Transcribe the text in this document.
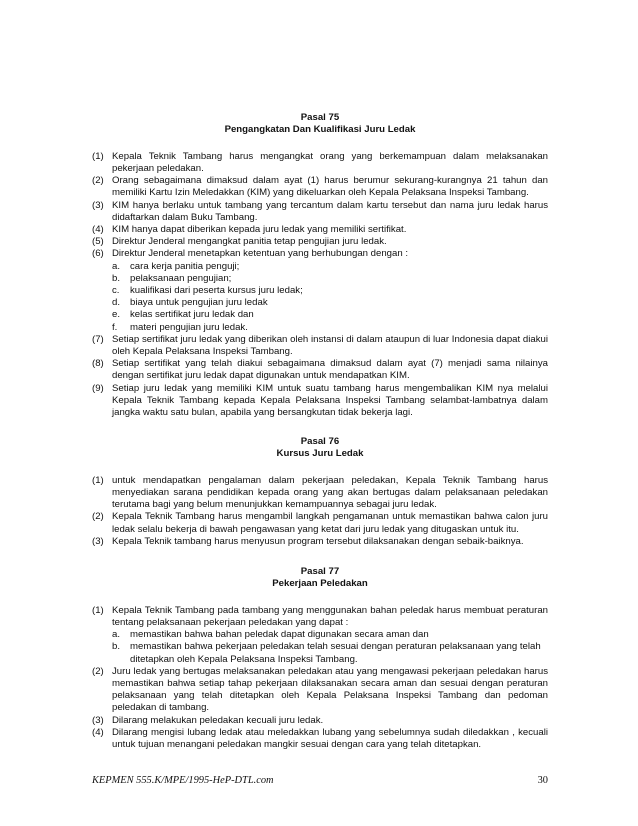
Pasal 75
Pengangkatan Dan Kualifikasi Juru Ledak
(1) Kepala Teknik Tambang harus mengangkat orang yang berkemampuan dalam melaksanakan pekerjaan peledakan.
(2) Orang sebagaimana dimaksud dalam ayat (1) harus berumur sekurang-kurangnya 21 tahun dan memiliki Kartu Izin Meledakkan (KIM) yang dikeluarkan oleh Kepala Pelaksana Inspeksi Tambang.
(3) KIM hanya berlaku untuk tambang yang tercantum dalam kartu tersebut dan nama juru ledak harus didaftarkan dalam Buku Tambang.
(4) KIM hanya dapat diberikan kepada juru ledak yang memiliki sertifikat.
(5) Direktur Jenderal mengangkat panitia tetap pengujian juru ledak.
(6) Direktur Jenderal menetapkan ketentuan yang berhubungan dengan :
a. cara kerja panitia penguji;
b. pelaksanaan pengujian;
c. kualifikasi dari peserta kursus juru ledak;
d. biaya untuk pengujian juru ledak
e. kelas sertifikat juru ledak dan
f. materi pengujian juru ledak.
(7) Setiap sertifikat juru ledak yang diberikan oleh instansi di dalam ataupun di luar Indonesia dapat diakui oleh Kepala Pelaksana Inspeksi Tambang.
(8) Setiap sertifikat yang telah diakui sebagaimana dimaksud dalam ayat (7) menjadi sama nilainya dengan sertifikat juru ledak dapat digunakan untuk mendapatkan KIM.
(9) Setiap juru ledak yang memiliki KIM untuk suatu tambang harus mengembalikan KIM nya melalui Kepala Teknik Tambang kepada Kepala Pelaksana Inspeksi Tambang selambat-lambatnya dalam jangka waktu satu bulan, apabila yang bersangkutan tidak bekerja lagi.
Pasal 76
Kursus Juru Ledak
(1) untuk mendapatkan pengalaman dalam pekerjaan peledakan, Kepala Teknik Tambang harus menyediakan sarana pendidikan kepada orang yang akan bertugas dalam pelaksanaan peledakan terutama bagi yang belum menunjukkan kemampuannya sebagai juru ledak.
(2) Kepala Teknik Tambang harus mengambil langkah pengamanan untuk memastikan bahwa calon juru ledak selalu bekerja di bawah pengawasan yang ketat dari juru ledak yang ditugaskan untuk itu.
(3) Kepala Teknik tambang harus menyusun program tersebut dilaksanakan dengan sebaik-baiknya.
Pasal 77
Pekerjaan Peledakan
(1) Kepala Teknik Tambang pada tambang yang menggunakan bahan peledak harus membuat peraturan tentang pelaksanaan pekerjaan peledakan yang dapat :
a. memastikan bahwa bahan peledak dapat digunakan secara aman dan
b. memastikan bahwa pekerjaan peledakan telah sesuai dengan peraturan pelaksanaan yang telah ditetapkan oleh Kepala Pelaksana Inspeksi Tambang.
(2) Juru ledak yang bertugas melaksanakan peledakan atau yang mengawasi pekerjaan peledakan harus memastikan bahwa setiap tahap pekerjaan dilaksanakan secara aman dan sesuai dengan peraturan pelaksanaan yang telah ditetapkan oleh Kepala Pelaksana Inspeksi Tambang dan pedoman peledakan di tambang.
(3) Dilarang melakukan peledakan kecuali juru ledak.
(4) Dilarang mengisi lubang ledak atau meledakkan lubang yang sebelumnya sudah diledakkan , kecuali untuk tujuan menangani peledakan mangkir sesuai dengan cara yang telah ditetapkan.
KEPMEN 555.K/MPE/1995-HeP-DTL.com	30
